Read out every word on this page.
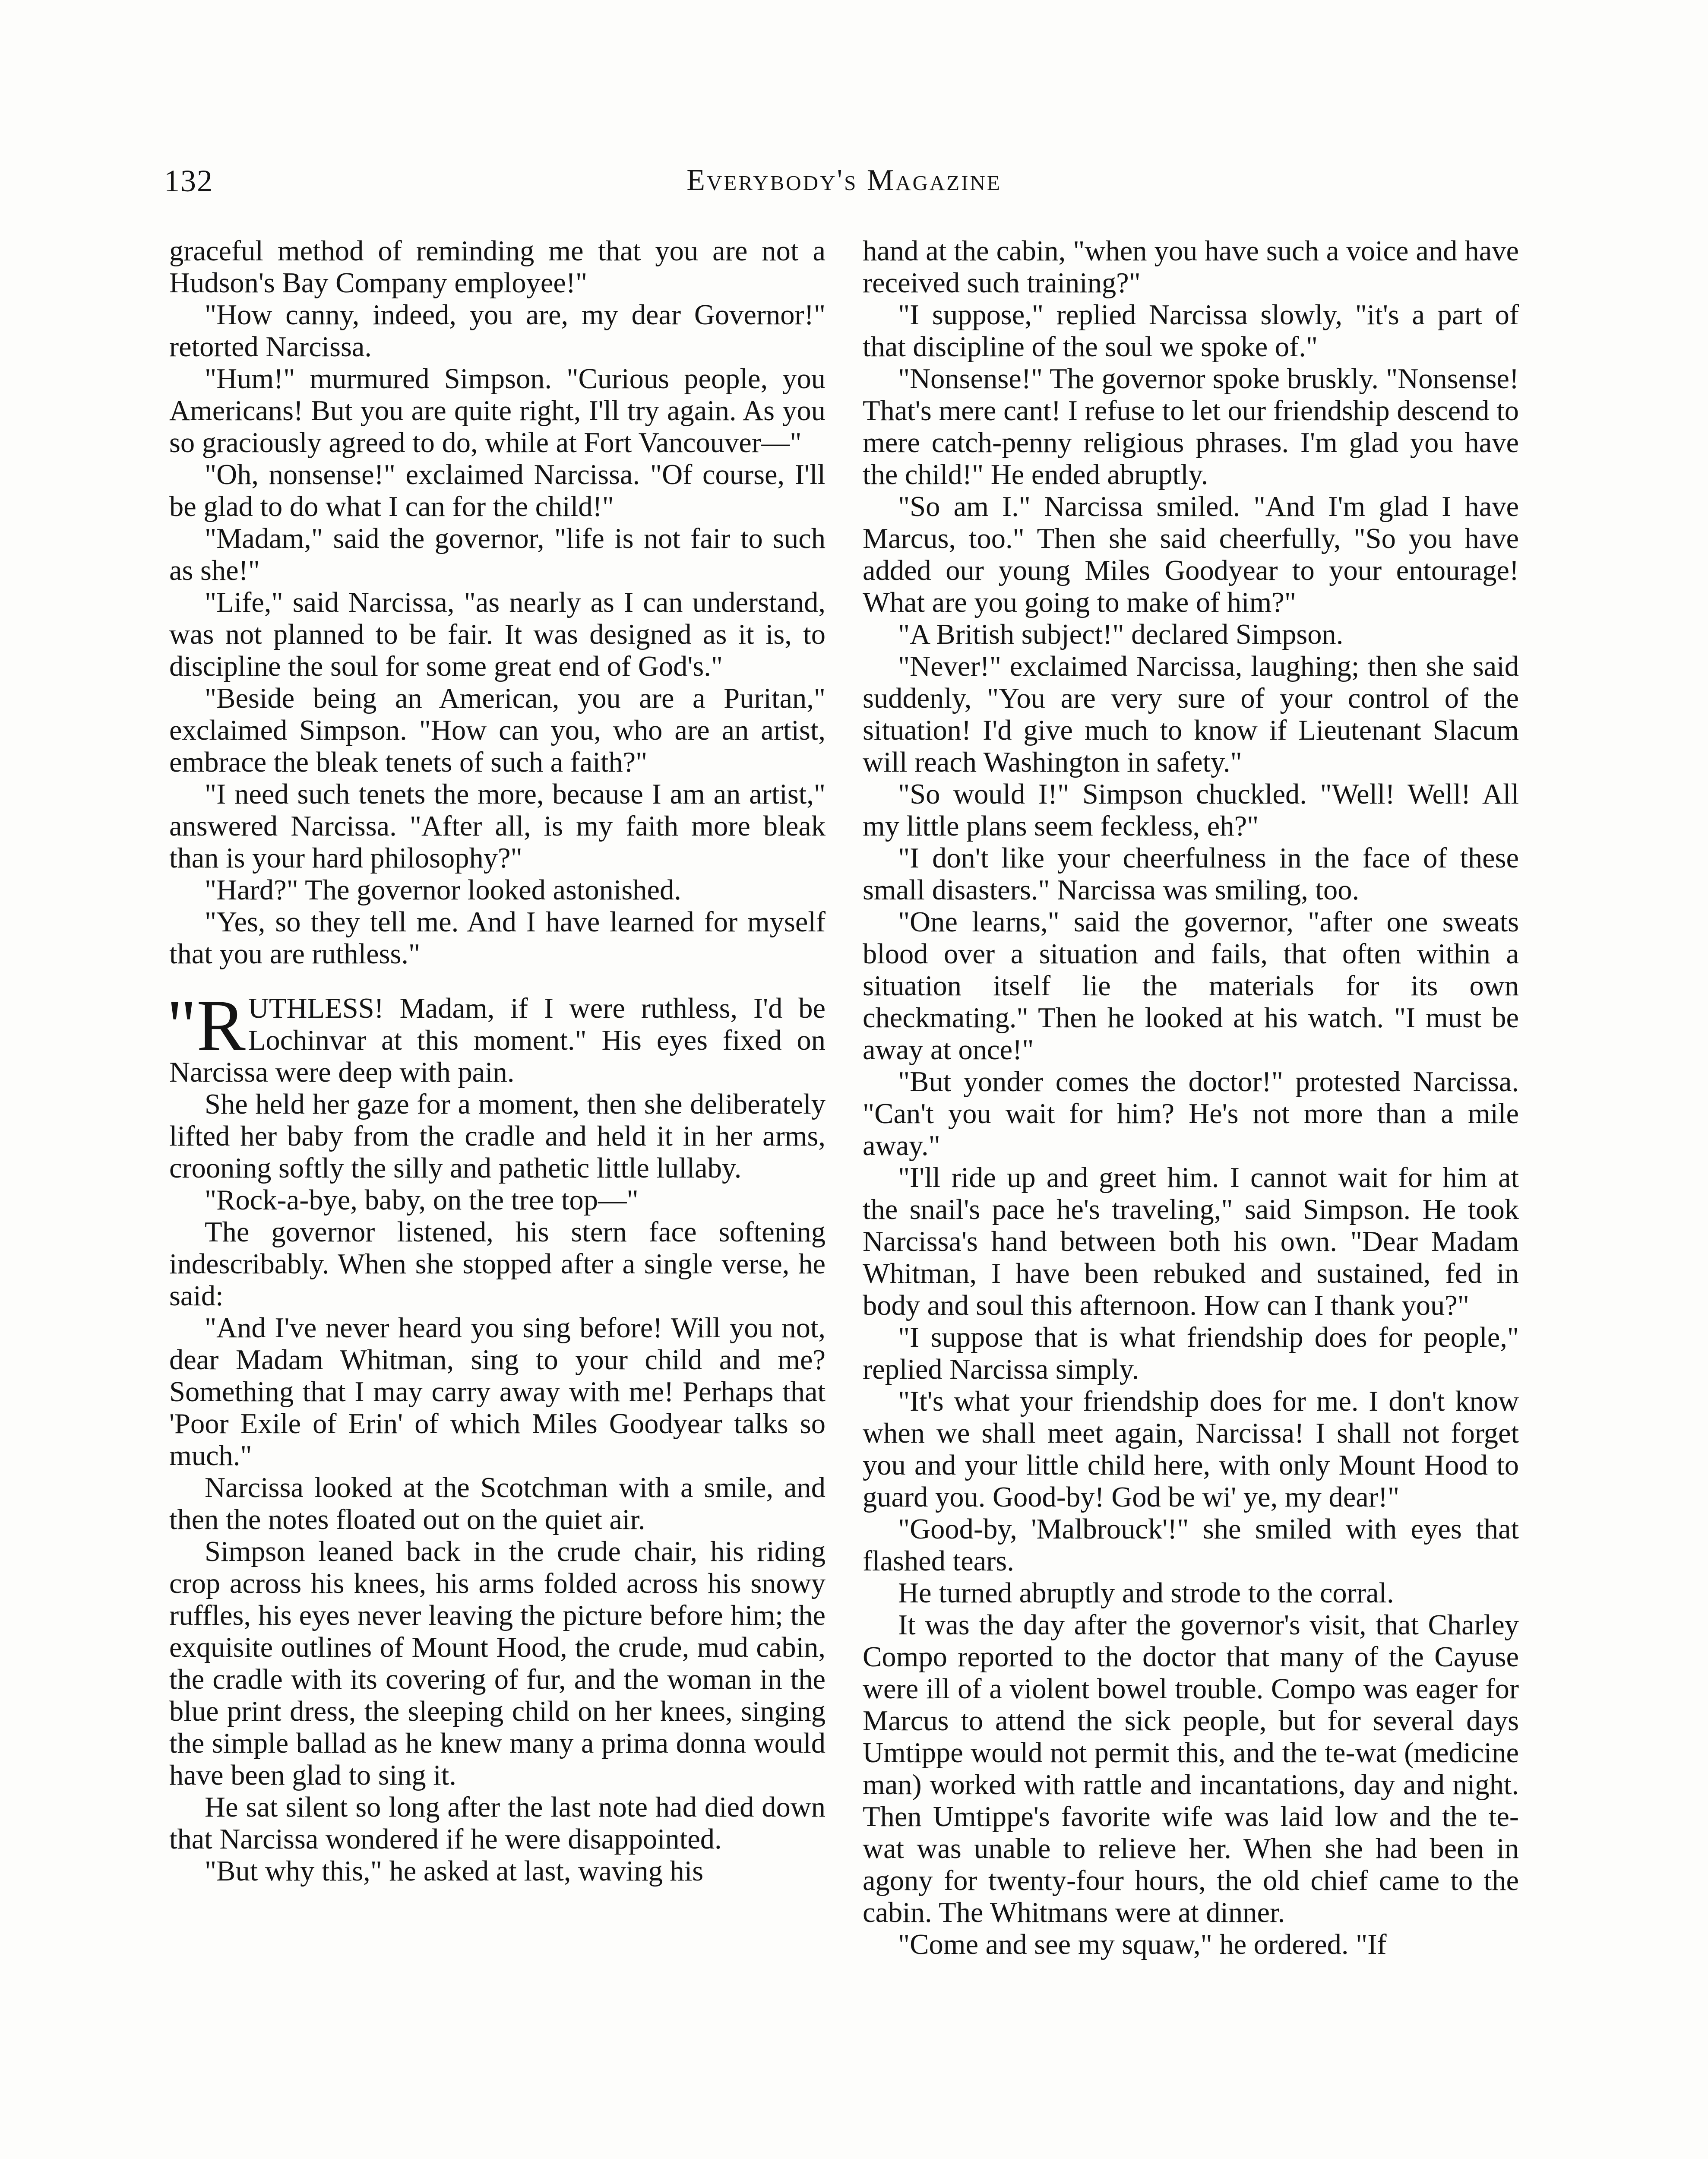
132	Everybody's Magazine

graceful method of reminding me that you are not a Hudson's Bay Company employee!"

"How canny, indeed, you are, my dear Governor!" retorted Narcissa.

"Hum!" murmured Simpson. "Curious people, you Americans! But you are quite right, I'll try again. As you so graciously agreed to do, while at Fort Vancouver—"

"Oh, nonsense!" exclaimed Narcissa. "Of course, I'll be glad to do what I can for the child!"

"Madam," said the governor, "life is not fair to such as she!"

"Life," said Narcissa, "as nearly as I can understand, was not planned to be fair. It was designed as it is, to discipline the soul for some great end of God's."

"Beside being an American, you are a Puritan," exclaimed Simpson. "How can you, who are an artist, embrace the bleak tenets of such a faith?"

"I need such tenets the more, because I am an artist," answered Narcissa. "After all, is my faith more bleak than is your hard philosophy?"

"Hard?" The governor looked astonished.

"Yes, so they tell me. And I have learned for myself that you are ruthless."

"RUTHLESS! Madam, if I were ruthless, I'd be Lochinvar at this moment." His eyes fixed on Narcissa were deep with pain.

She held her gaze for a moment, then she deliberately lifted her baby from the cradle and held it in her arms, crooning softly the silly and pathetic little lullaby.

"Rock-a-bye, baby, on the tree top—"

The governor listened, his stern face softening indescribably. When she stopped after a single verse, he said:

"And I've never heard you sing before! Will you not, dear Madam Whitman, sing to your child and me? Something that I may carry away with me! Perhaps that 'Poor Exile of Erin' of which Miles Goodyear talks so much."

Narcissa looked at the Scotchman with a smile, and then the notes floated out on the quiet air.

Simpson leaned back in the crude chair, his riding crop across his knees, his arms folded across his snowy ruffles, his eyes never leaving the picture before him; the exquisite outlines of Mount Hood, the crude, mud cabin, the cradle with its covering of fur, and the woman in the blue print dress, the sleeping child on her knees, singing the simple ballad as he knew many a prima donna would have been glad to sing it.

He sat silent so long after the last note had died down that Narcissa wondered if he were disappointed.

"But why this," he asked at last, waving his

hand at the cabin, "when you have such a voice and have received such training?"

"I suppose," replied Narcissa slowly, "it's a part of that discipline of the soul we spoke of."

"Nonsense!" The governor spoke bruskly. "Nonsense! That's mere cant! I refuse to let our friendship descend to mere catch-penny religious phrases. I'm glad you have the child!" He ended abruptly.

"So am I." Narcissa smiled. "And I'm glad I have Marcus, too." Then she said cheerfully, "So you have added our young Miles Goodyear to your entourage! What are you going to make of him?"

"A British subject!" declared Simpson.

"Never!" exclaimed Narcissa, laughing; then she said suddenly, "You are very sure of your control of the situation! I'd give much to know if Lieutenant Slacum will reach Washington in safety."

"So would I!" Simpson chuckled. "Well! Well! All my little plans seem feckless, eh?"

"I don't like your cheerfulness in the face of these small disasters." Narcissa was smiling, too.

"One learns," said the governor, "after one sweats blood over a situation and fails, that often within a situation itself lie the materials for its own checkmating." Then he looked at his watch. "I must be away at once!"

"But yonder comes the doctor!" protested Narcissa. "Can't you wait for him? He's not more than a mile away."

"I'll ride up and greet him. I cannot wait for him at the snail's pace he's traveling," said Simpson. He took Narcissa's hand between both his own. "Dear Madam Whitman, I have been rebuked and sustained, fed in body and soul this afternoon. How can I thank you?"

"I suppose that is what friendship does for people," replied Narcissa simply.

"It's what your friendship does for me. I don't know when we shall meet again, Narcissa! I shall not forget you and your little child here, with only Mount Hood to guard you. Good-by! God be wi' ye, my dear!"

"Good-by, 'Malbrouck'!" she smiled with eyes that flashed tears.

He turned abruptly and strode to the corral.

It was the day after the governor's visit, that Charley Compo reported to the doctor that many of the Cayuse were ill of a violent bowel trouble. Compo was eager for Marcus to attend the sick people, but for several days Umtippe would not permit this, and the te-wat (medicine man) worked with rattle and incantations, day and night. Then Umtippe's favorite wife was laid low and the te-wat was unable to relieve her. When she had been in agony for twenty-four hours, the old chief came to the cabin. The Whitmans were at dinner.

"Come and see my squaw," he ordered. "If
